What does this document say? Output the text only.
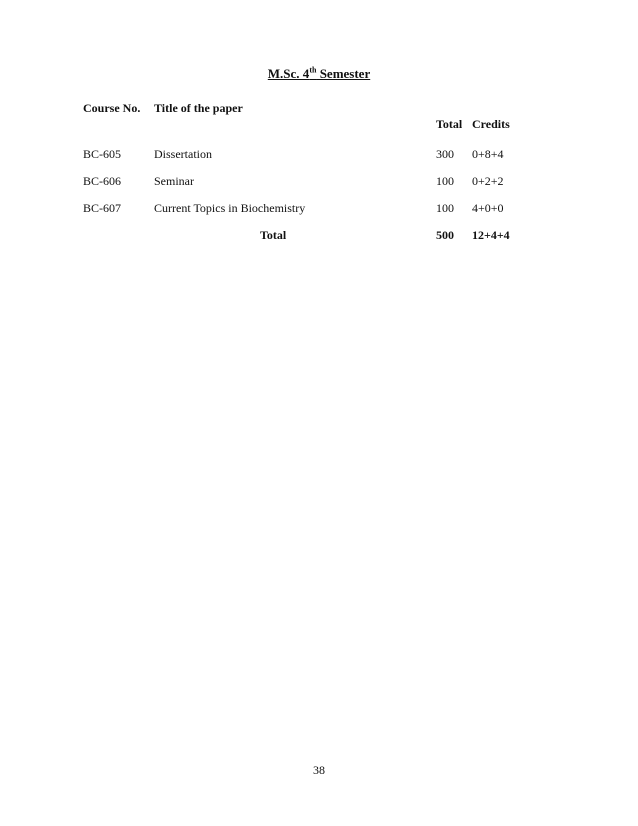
M.Sc. 4th Semester
Course No. Title of the paper
Total Credits
BC-605	Dissertation	300 0+8+4
BC-606	Seminar	100 0+2+2
BC-607	Current Topics in Biochemistry	100 4+0+0
Total	500 12+4+4
38
